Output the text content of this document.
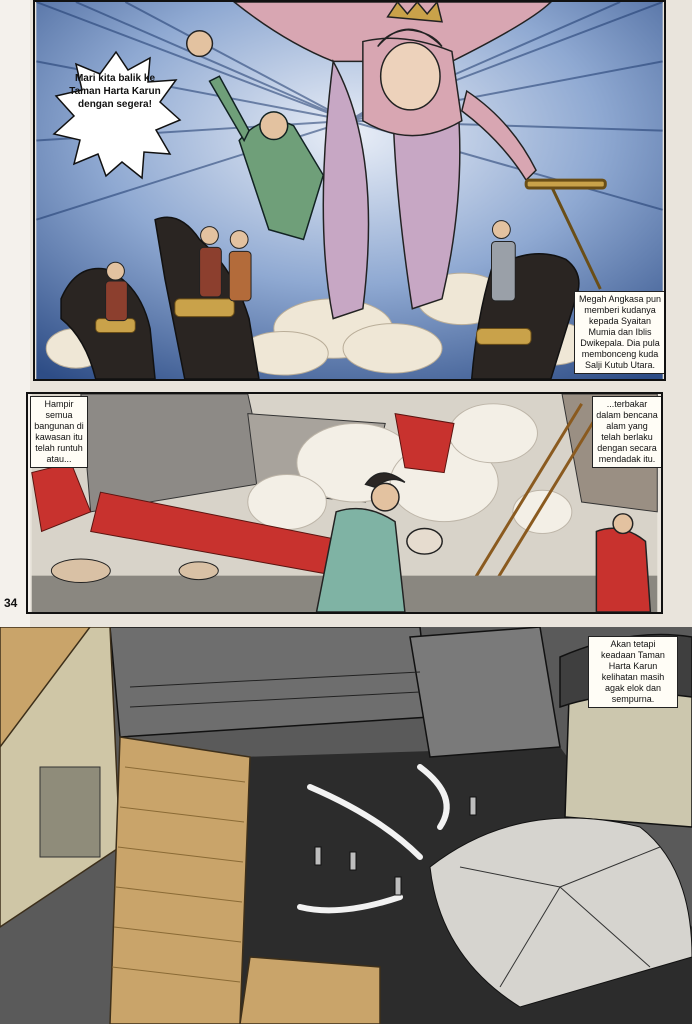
Mari kita balik ke Taman Harta Karun dengan segera!
Megah Angkasa pun memberi kudanya kepada Syaitan Mumia dan Iblis Dwikepala. Dia pula membonceng kuda Salji Kutub Utara.
Hampir semua bangunan di kawasan itu telah runtuh atau...
...terbakar dalam bencana alam yang telah berlaku dengan secara mendadak itu.
34
Akan tetapi keadaan Taman Harta Karun kelihatan masih agak elok dan sempurna.
